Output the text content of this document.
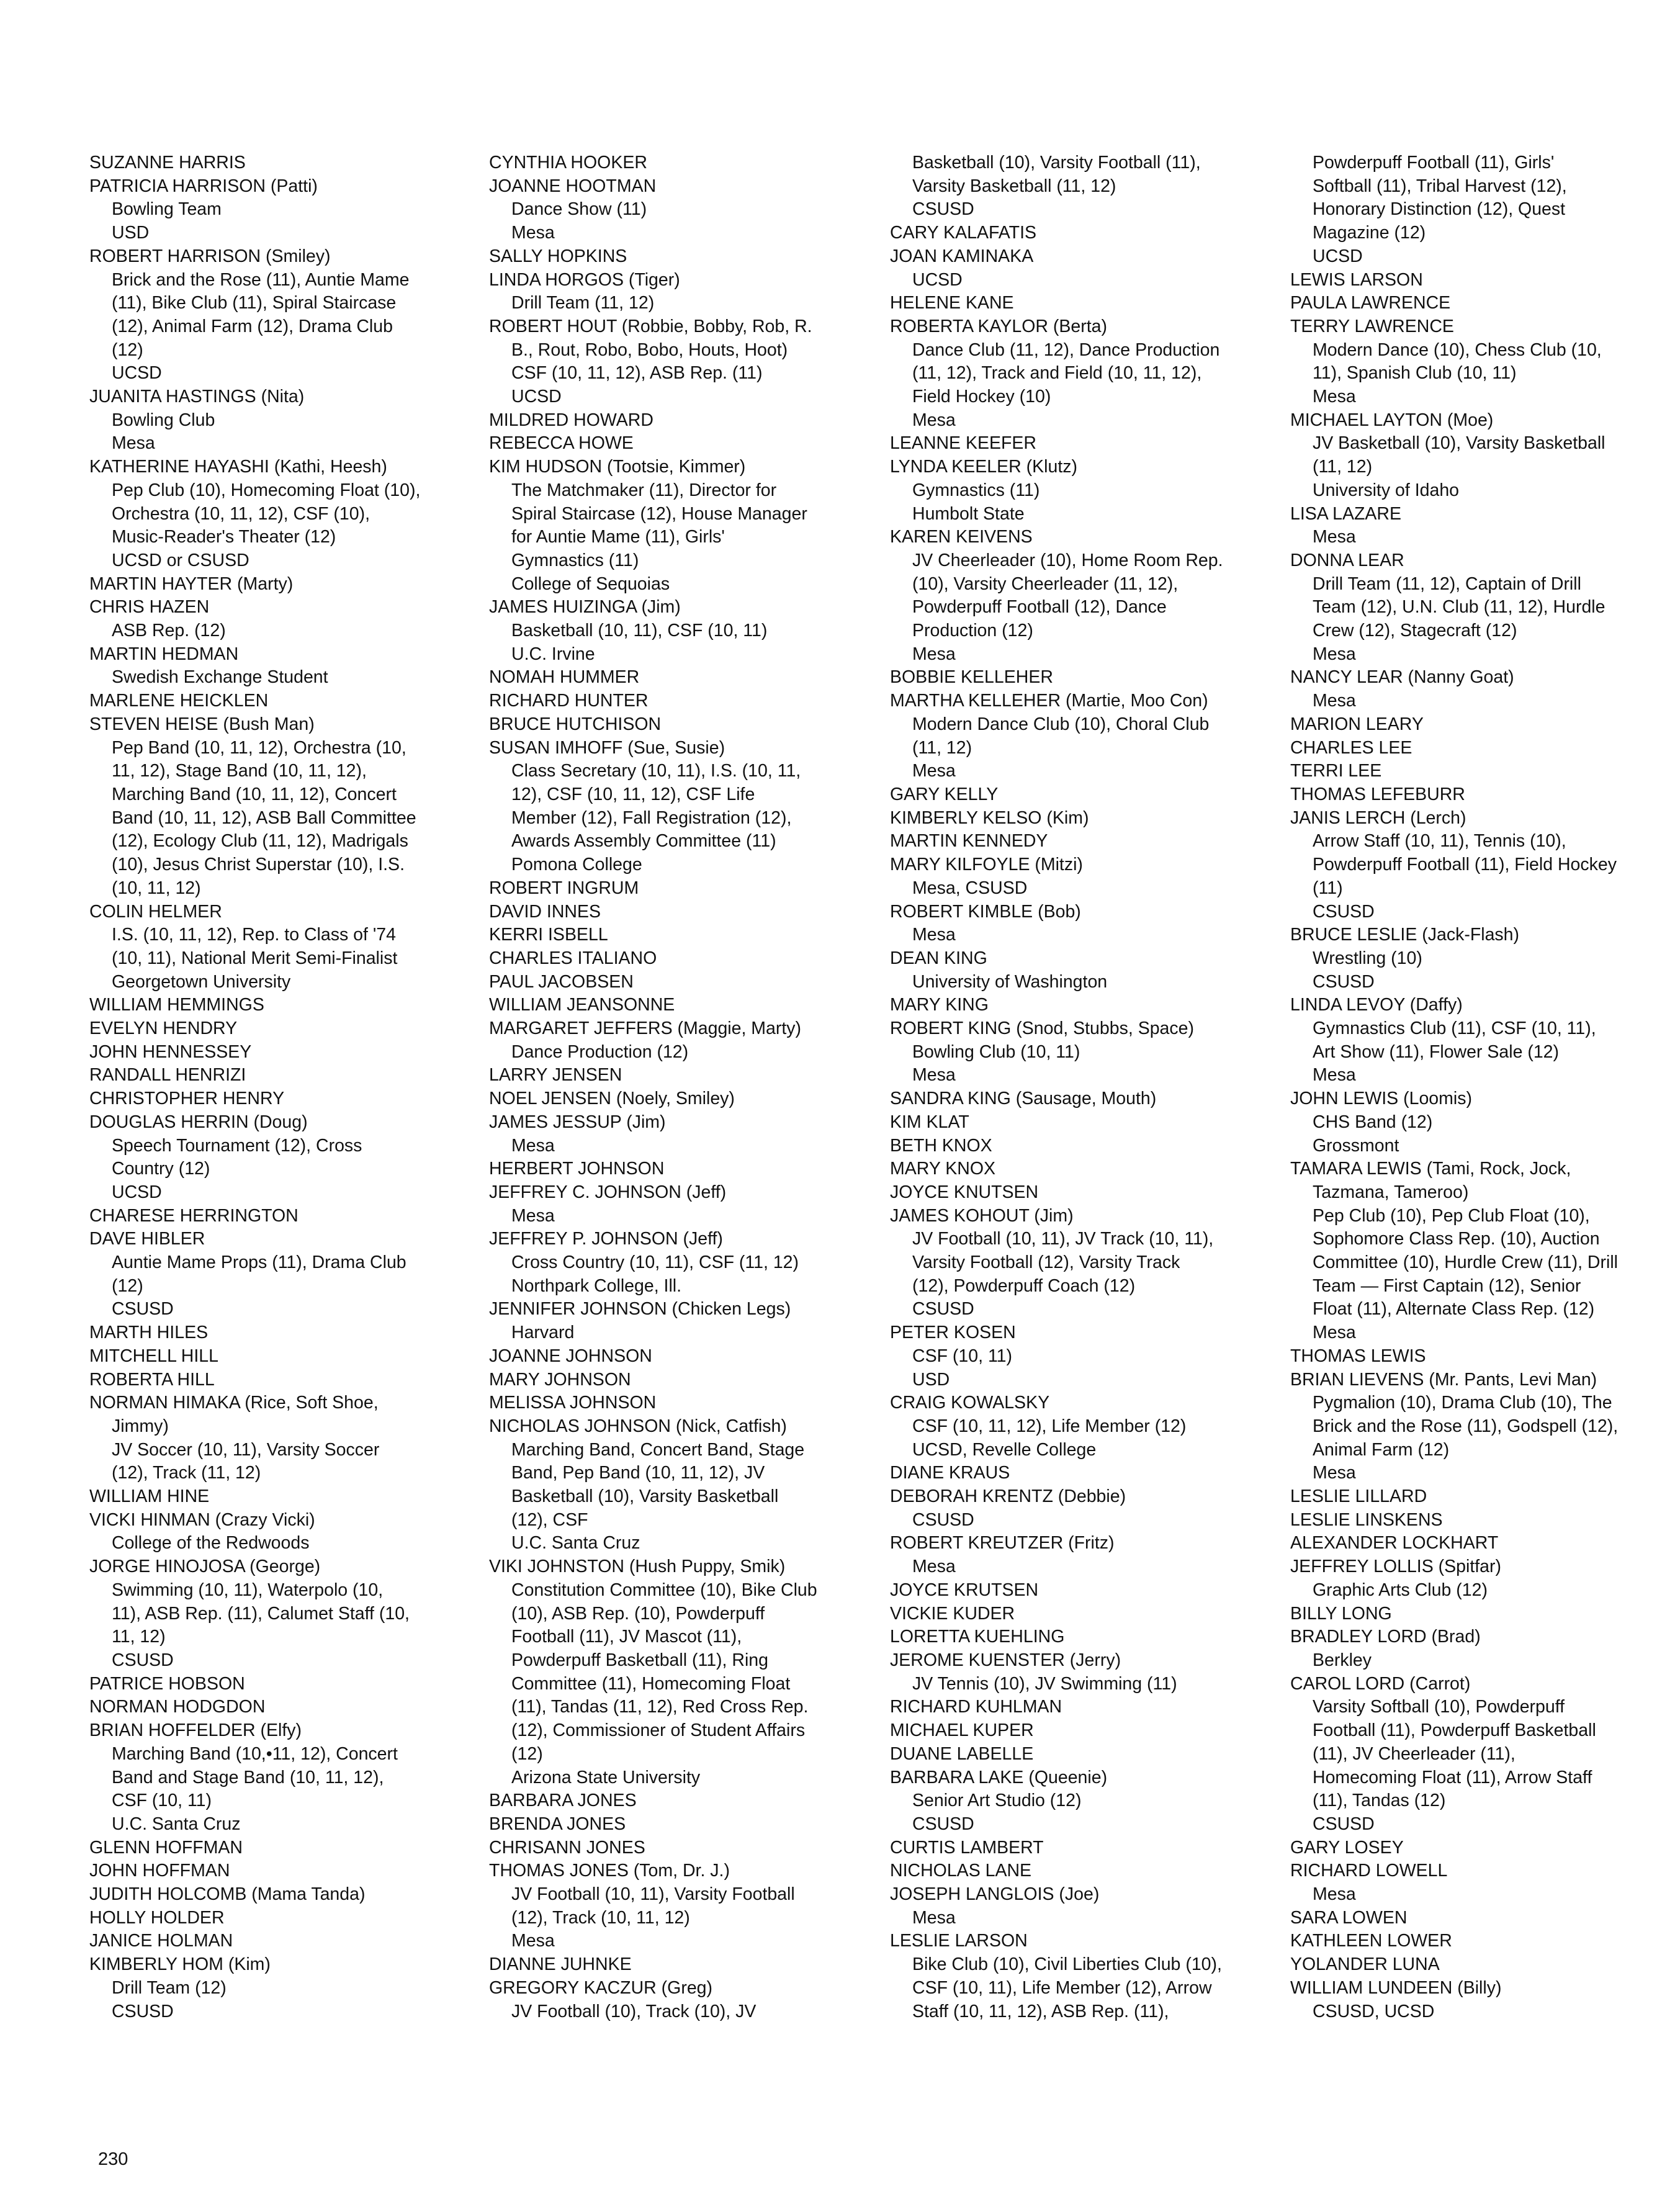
SUZANNE HARRIS
PATRICIA HARRISON (Patti)
Bowling Team
USD
ROBERT HARRISON (Smiley)
Brick and the Rose (11), Auntie Mame
(11), Bike Club (11), Spiral Staircase
(12), Animal Farm (12), Drama Club
(12)
UCSD
JUANITA HASTINGS (Nita)
Bowling Club
Mesa
KATHERINE HAYASHI (Kathi, Heesh)
Pep Club (10), Homecoming Float (10),
Orchestra (10, 11, 12), CSF (10),
Music-Reader's Theater (12)
UCSD or CSUSD
MARTIN HAYTER (Marty)
CHRIS HAZEN
ASB Rep. (12)
MARTIN HEDMAN
Swedish Exchange Student
MARLENE HEICKLEN
STEVEN HEISE (Bush Man)
Pep Band (10, 11, 12), Orchestra (10,
11, 12), Stage Band (10, 11, 12),
Marching Band (10, 11, 12), Concert
Band (10, 11, 12), ASB Ball Committee
(12), Ecology Club (11, 12), Madrigals
(10), Jesus Christ Superstar (10), I.S.
(10, 11, 12)
COLIN HELMER
I.S. (10, 11, 12), Rep. to Class of '74
(10, 11), National Merit Semi-Finalist
Georgetown University
WILLIAM HEMMINGS
EVELYN HENDRY
JOHN HENNESSEY
RANDALL HENRIZI
CHRISTOPHER HENRY
DOUGLAS HERRIN (Doug)
Speech Tournament (12), Cross
Country (12)
UCSD
CHARESE HERRINGTON
DAVE HIBLER
Auntie Mame Props (11), Drama Club
(12)
CSUSD
MARTH HILES
MITCHELL HILL
ROBERTA HILL
NORMAN HIMAKA (Rice, Soft Shoe,
Jimmy)
JV Soccer (10, 11), Varsity Soccer
(12), Track (11, 12)
WILLIAM HINE
VICKI HINMAN (Crazy Vicki)
College of the Redwoods
JORGE HINOJOSA (George)
Swimming (10, 11), Waterpolo (10,
11), ASB Rep. (11), Calumet Staff (10,
11, 12)
CSUSD
PATRICE HOBSON
NORMAN HODGDON
BRIAN HOFFELDER (Elfy)
Marching Band (10,•11, 12), Concert
Band and Stage Band (10, 11, 12),
CSF (10, 11)
U.C. Santa Cruz
GLENN HOFFMAN
JOHN HOFFMAN
JUDITH HOLCOMB (Mama Tanda)
HOLLY HOLDER
JANICE HOLMAN
KIMBERLY HOM (Kim)
Drill Team (12)
CSUSD
CYNTHIA HOOKER
JOANNE HOOTMAN
Dance Show (11)
Mesa
SALLY HOPKINS
LINDA HORGOS (Tiger)
Drill Team (11, 12)
ROBERT HOUT (Robbie, Bobby, Rob, R.
B., Rout, Robo, Bobo, Houts, Hoot)
CSF (10, 11, 12), ASB Rep. (11)
UCSD
MILDRED HOWARD
REBECCA HOWE
KIM HUDSON (Tootsie, Kimmer)
The Matchmaker (11), Director for
Spiral Staircase (12), House Manager
for Auntie Mame (11), Girls'
Gymnastics (11)
College of Sequoias
JAMES HUIZINGA (Jim)
Basketball (10, 11), CSF (10, 11)
U.C. Irvine
NOMAH HUMMER
RICHARD HUNTER
BRUCE HUTCHISON
SUSAN IMHOFF (Sue, Susie)
Class Secretary (10, 11), I.S. (10, 11,
12), CSF (10, 11, 12), CSF Life
Member (12), Fall Registration (12),
Awards Assembly Committee (11)
Pomona College
ROBERT INGRUM
DAVID INNES
KERRI ISBELL
CHARLES ITALIANO
PAUL JACOBSEN
WILLIAM JEANSONNE
MARGARET JEFFERS (Maggie, Marty)
Dance Production (12)
LARRY JENSEN
NOEL JENSEN (Noely, Smiley)
JAMES JESSUP (Jim)
Mesa
HERBERT JOHNSON
JEFFREY C. JOHNSON (Jeff)
Mesa
JEFFREY P. JOHNSON (Jeff)
Cross Country (10, 11), CSF (11, 12)
Northpark College, Ill.
JENNIFER JOHNSON (Chicken Legs)
Harvard
JOANNE JOHNSON
MARY JOHNSON
MELISSA JOHNSON
NICHOLAS JOHNSON (Nick, Catfish)
Marching Band, Concert Band, Stage
Band, Pep Band (10, 11, 12), JV
Basketball (10), Varsity Basketball
(12), CSF
U.C. Santa Cruz
VIKI JOHNSTON (Hush Puppy, Smik)
Constitution Committee (10), Bike Club
(10), ASB Rep. (10), Powderpuff
Football (11), JV Mascot (11),
Powderpuff Basketball (11), Ring
Committee (11), Homecoming Float
(11), Tandas (11, 12), Red Cross Rep.
(12), Commissioner of Student Affairs
(12)
Arizona State University
BARBARA JONES
BRENDA JONES
CHRISANN JONES
THOMAS JONES (Tom, Dr. J.)
JV Football (10, 11), Varsity Football
(12), Track (10, 11, 12)
Mesa
DIANNE JUHNKE
GREGORY KACZUR (Greg)
JV Football (10), Track (10), JV
Basketball (10), Varsity Football (11),
Varsity Basketball (11, 12)
CSUSD
CARY KALAFATIS
JOAN KAMINAKA
UCSD
HELENE KANE
ROBERTA KAYLOR (Berta)
Dance Club (11, 12), Dance Production
(11, 12), Track and Field (10, 11, 12),
Field Hockey (10)
Mesa
LEANNE KEEFER
LYNDA KEELER (Klutz)
Gymnastics (11)
Humbolt State
KAREN KEIVENS
JV Cheerleader (10), Home Room Rep.
(10), Varsity Cheerleader (11, 12),
Powderpuff Football (12), Dance
Production (12)
Mesa
BOBBIE KELLEHER
MARTHA KELLEHER (Martie, Moo Con)
Modern Dance Club (10), Choral Club
(11, 12)
Mesa
GARY KELLY
KIMBERLY KELSO (Kim)
MARTIN KENNEDY
MARY KILFOYLE (Mitzi)
Mesa, CSUSD
ROBERT KIMBLE (Bob)
Mesa
DEAN KING
University of Washington
MARY KING
ROBERT KING (Snod, Stubbs, Space)
Bowling Club (10, 11)
Mesa
SANDRA KING (Sausage, Mouth)
KIM KLAT
BETH KNOX
MARY KNOX
JOYCE KNUTSEN
JAMES KOHOUT (Jim)
JV Football (10, 11), JV Track (10, 11),
Varsity Football (12), Varsity Track
(12), Powderpuff Coach (12)
CSUSD
PETER KOSEN
CSF (10, 11)
USD
CRAIG KOWALSKY
CSF (10, 11, 12), Life Member (12)
UCSD, Revelle College
DIANE KRAUS
DEBORAH KRENTZ (Debbie)
CSUSD
ROBERT KREUTZER (Fritz)
Mesa
JOYCE KRUTSEN
VICKIE KUDER
LORETTA KUEHLING
JEROME KUENSTER (Jerry)
JV Tennis (10), JV Swimming (11)
RICHARD KUHLMAN
MICHAEL KUPER
DUANE LABELLE
BARBARA LAKE (Queenie)
Senior Art Studio (12)
CSUSD
CURTIS LAMBERT
NICHOLAS LANE
JOSEPH LANGLOIS (Joe)
Mesa
LESLIE LARSON
Bike Club (10), Civil Liberties Club (10),
CSF (10, 11), Life Member (12), Arrow
Staff (10, 11, 12), ASB Rep. (11),
Powderpuff Football (11), Girls'
Softball (11), Tribal Harvest (12),
Honorary Distinction (12), Quest
Magazine (12)
UCSD
LEWIS LARSON
PAULA LAWRENCE
TERRY LAWRENCE
Modern Dance (10), Chess Club (10,
11), Spanish Club (10, 11)
Mesa
MICHAEL LAYTON (Moe)
JV Basketball (10), Varsity Basketball
(11, 12)
University of Idaho
LISA LAZARE
Mesa
DONNA LEAR
Drill Team (11, 12), Captain of Drill
Team (12), U.N. Club (11, 12), Hurdle
Crew (12), Stagecraft (12)
Mesa
NANCY LEAR (Nanny Goat)
Mesa
MARION LEARY
CHARLES LEE
TERRI LEE
THOMAS LEFEBURR
JANIS LERCH (Lerch)
Arrow Staff (10, 11), Tennis (10),
Powderpuff Football (11), Field Hockey
(11)
CSUSD
BRUCE LESLIE (Jack-Flash)
Wrestling (10)
CSUSD
LINDA LEVOY (Daffy)
Gymnastics Club (11), CSF (10, 11),
Art Show (11), Flower Sale (12)
Mesa
JOHN LEWIS (Loomis)
CHS Band (12)
Grossmont
TAMARA LEWIS (Tami, Rock, Jock,
Tazmana, Tameroo)
Pep Club (10), Pep Club Float (10),
Sophomore Class Rep. (10), Auction
Committee (10), Hurdle Crew (11), Drill
Team — First Captain (12), Senior
Float (11), Alternate Class Rep. (12)
Mesa
THOMAS LEWIS
BRIAN LIEVENS (Mr. Pants, Levi Man)
Pygmalion (10), Drama Club (10), The
Brick and the Rose (11), Godspell (12),
Animal Farm (12)
Mesa
LESLIE LILLARD
LESLIE LINSKENS
ALEXANDER LOCKHART
JEFFREY LOLLIS (Spitfar)
Graphic Arts Club (12)
BILLY LONG
BRADLEY LORD (Brad)
Berkley
CAROL LORD (Carrot)
Varsity Softball (10), Powderpuff
Football (11), Powderpuff Basketball
(11), JV Cheerleader (11),
Homecoming Float (11), Arrow Staff
(11), Tandas (12)
CSUSD
GARY LOSEY
RICHARD LOWELL
Mesa
SARA LOWEN
KATHLEEN LOWER
YOLANDER LUNA
WILLIAM LUNDEEN (Billy)
CSUSD, UCSD
230
